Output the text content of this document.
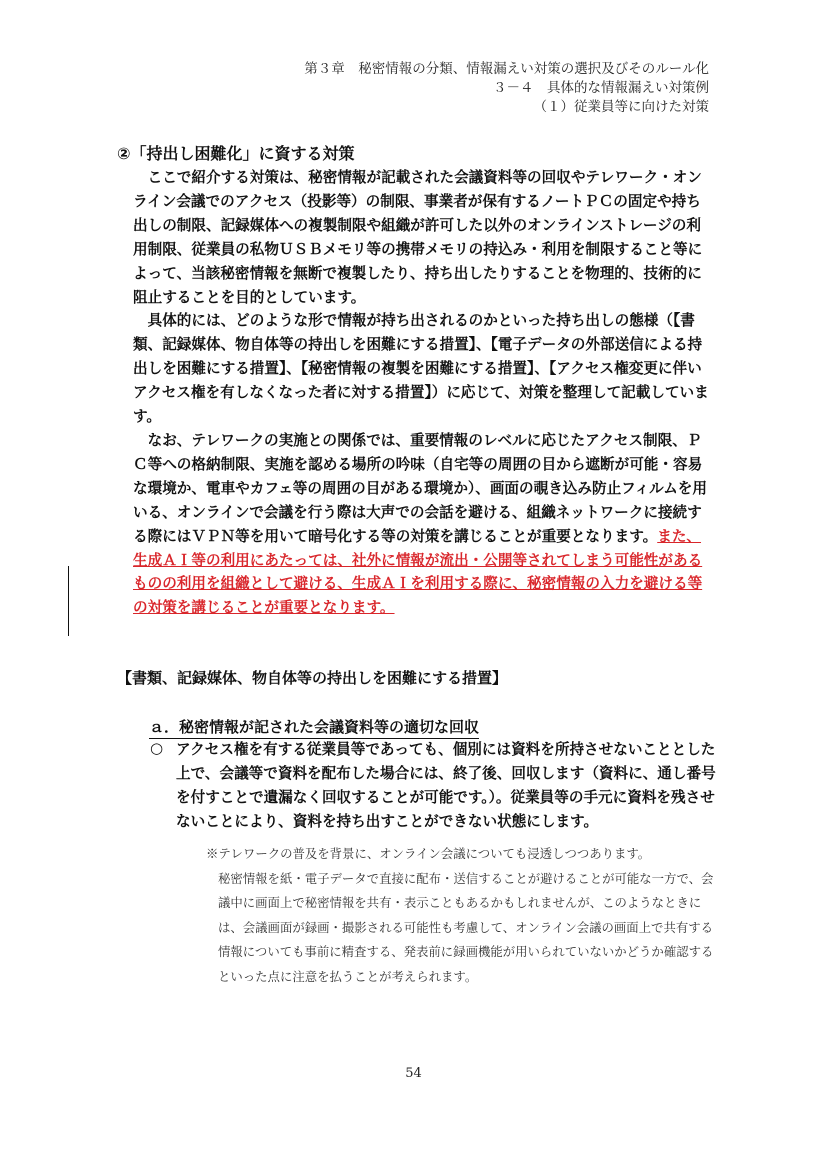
第３章　秘密情報の分類、情報漏えい対策の選択及びそのルール化
３－４　具体的な情報漏えい対策例
（１）従業員等に向けた対策
②「持出し困難化」に資する対策

ここで紹介する対策は、秘密情報が記載された会議資料等の回収やテレワーク・オンライン会議でのアクセス（投影等）の制限、事業者が保有するノートＰＣの固定や持ち出しの制限、記録媒体への複製制限や組織が許可した以外のオンラインストレージの利用制限、従業員の私物ＵＳＢメモリ等の携帯メモリの持込み・利用を制限すること等によって、当該秘密情報を無断で複製したり、持ち出したりすることを物理的、技術的に阻止することを目的としています。

具体的には、どのような形で情報が持ち出されるのかといった持ち出しの態様（【書類、記録媒体、物自体等の持出しを困難にする措置】、【電子データの外部送信による持出しを困難にする措置】、【秘密情報の複製を困難にする措置】、【アクセス権変更に伴いアクセス権を有しなくなった者に対する措置】）に応じて、対策を整理して記載しています。

なお、テレワークの実施との関係では、重要情報のレベルに応じたアクセス制限、ＰＣ等への格納制限、実施を認める場所の吟味（自宅等の周囲の目から遮断が可能・容易な環境か、電車やカフェ等の周囲の目がある環境か）、画面の覗き込み防止フィルムを用いる、オンラインで会議を行う際は大声での会話を避ける、組織ネットワークに接続する際にはＶＰＮ等を用いて暗号化する等の対策を講じることが重要となります。また、生成ＡＩ等の利用にあたっては、社外に情報が流出・公開等されてしまう可能性があるものの利用を組織として避ける、生成ＡＩを利用する際に、秘密情報の入力を避ける等の対策を講じることが重要となります。

【書類、記録媒体、物自体等の持出しを困難にする措置】
ａ．秘密情報が記された会議資料等の適切な回収
○ アクセス権を有する従業員等であっても、個別には資料を所持させないこととした上で、会議等で資料を配布した場合には、終了後、回収します（資料に、通し番号を付すことで遺漏なく回収することが可能です。）。従業員等の手元に資料を残させないことにより、資料を持ち出すことができない状態にします。
※テレワークの普及を背景に、オンライン会議についても浸透しつつあります。
秘密情報を紙・電子データで直接に配布・送信することが避けることが可能な一方で、会議中に画面上で秘密情報を共有・表示こともあるかもしれませんが、このようなときには、会議画面が録画・撮影される可能性も考慮して、オンライン会議の画面上で共有する情報についても事前に精査する、発表前に録画機能が用いられていないかどうか確認するといった点に注意を払うことが考えられます。
54
